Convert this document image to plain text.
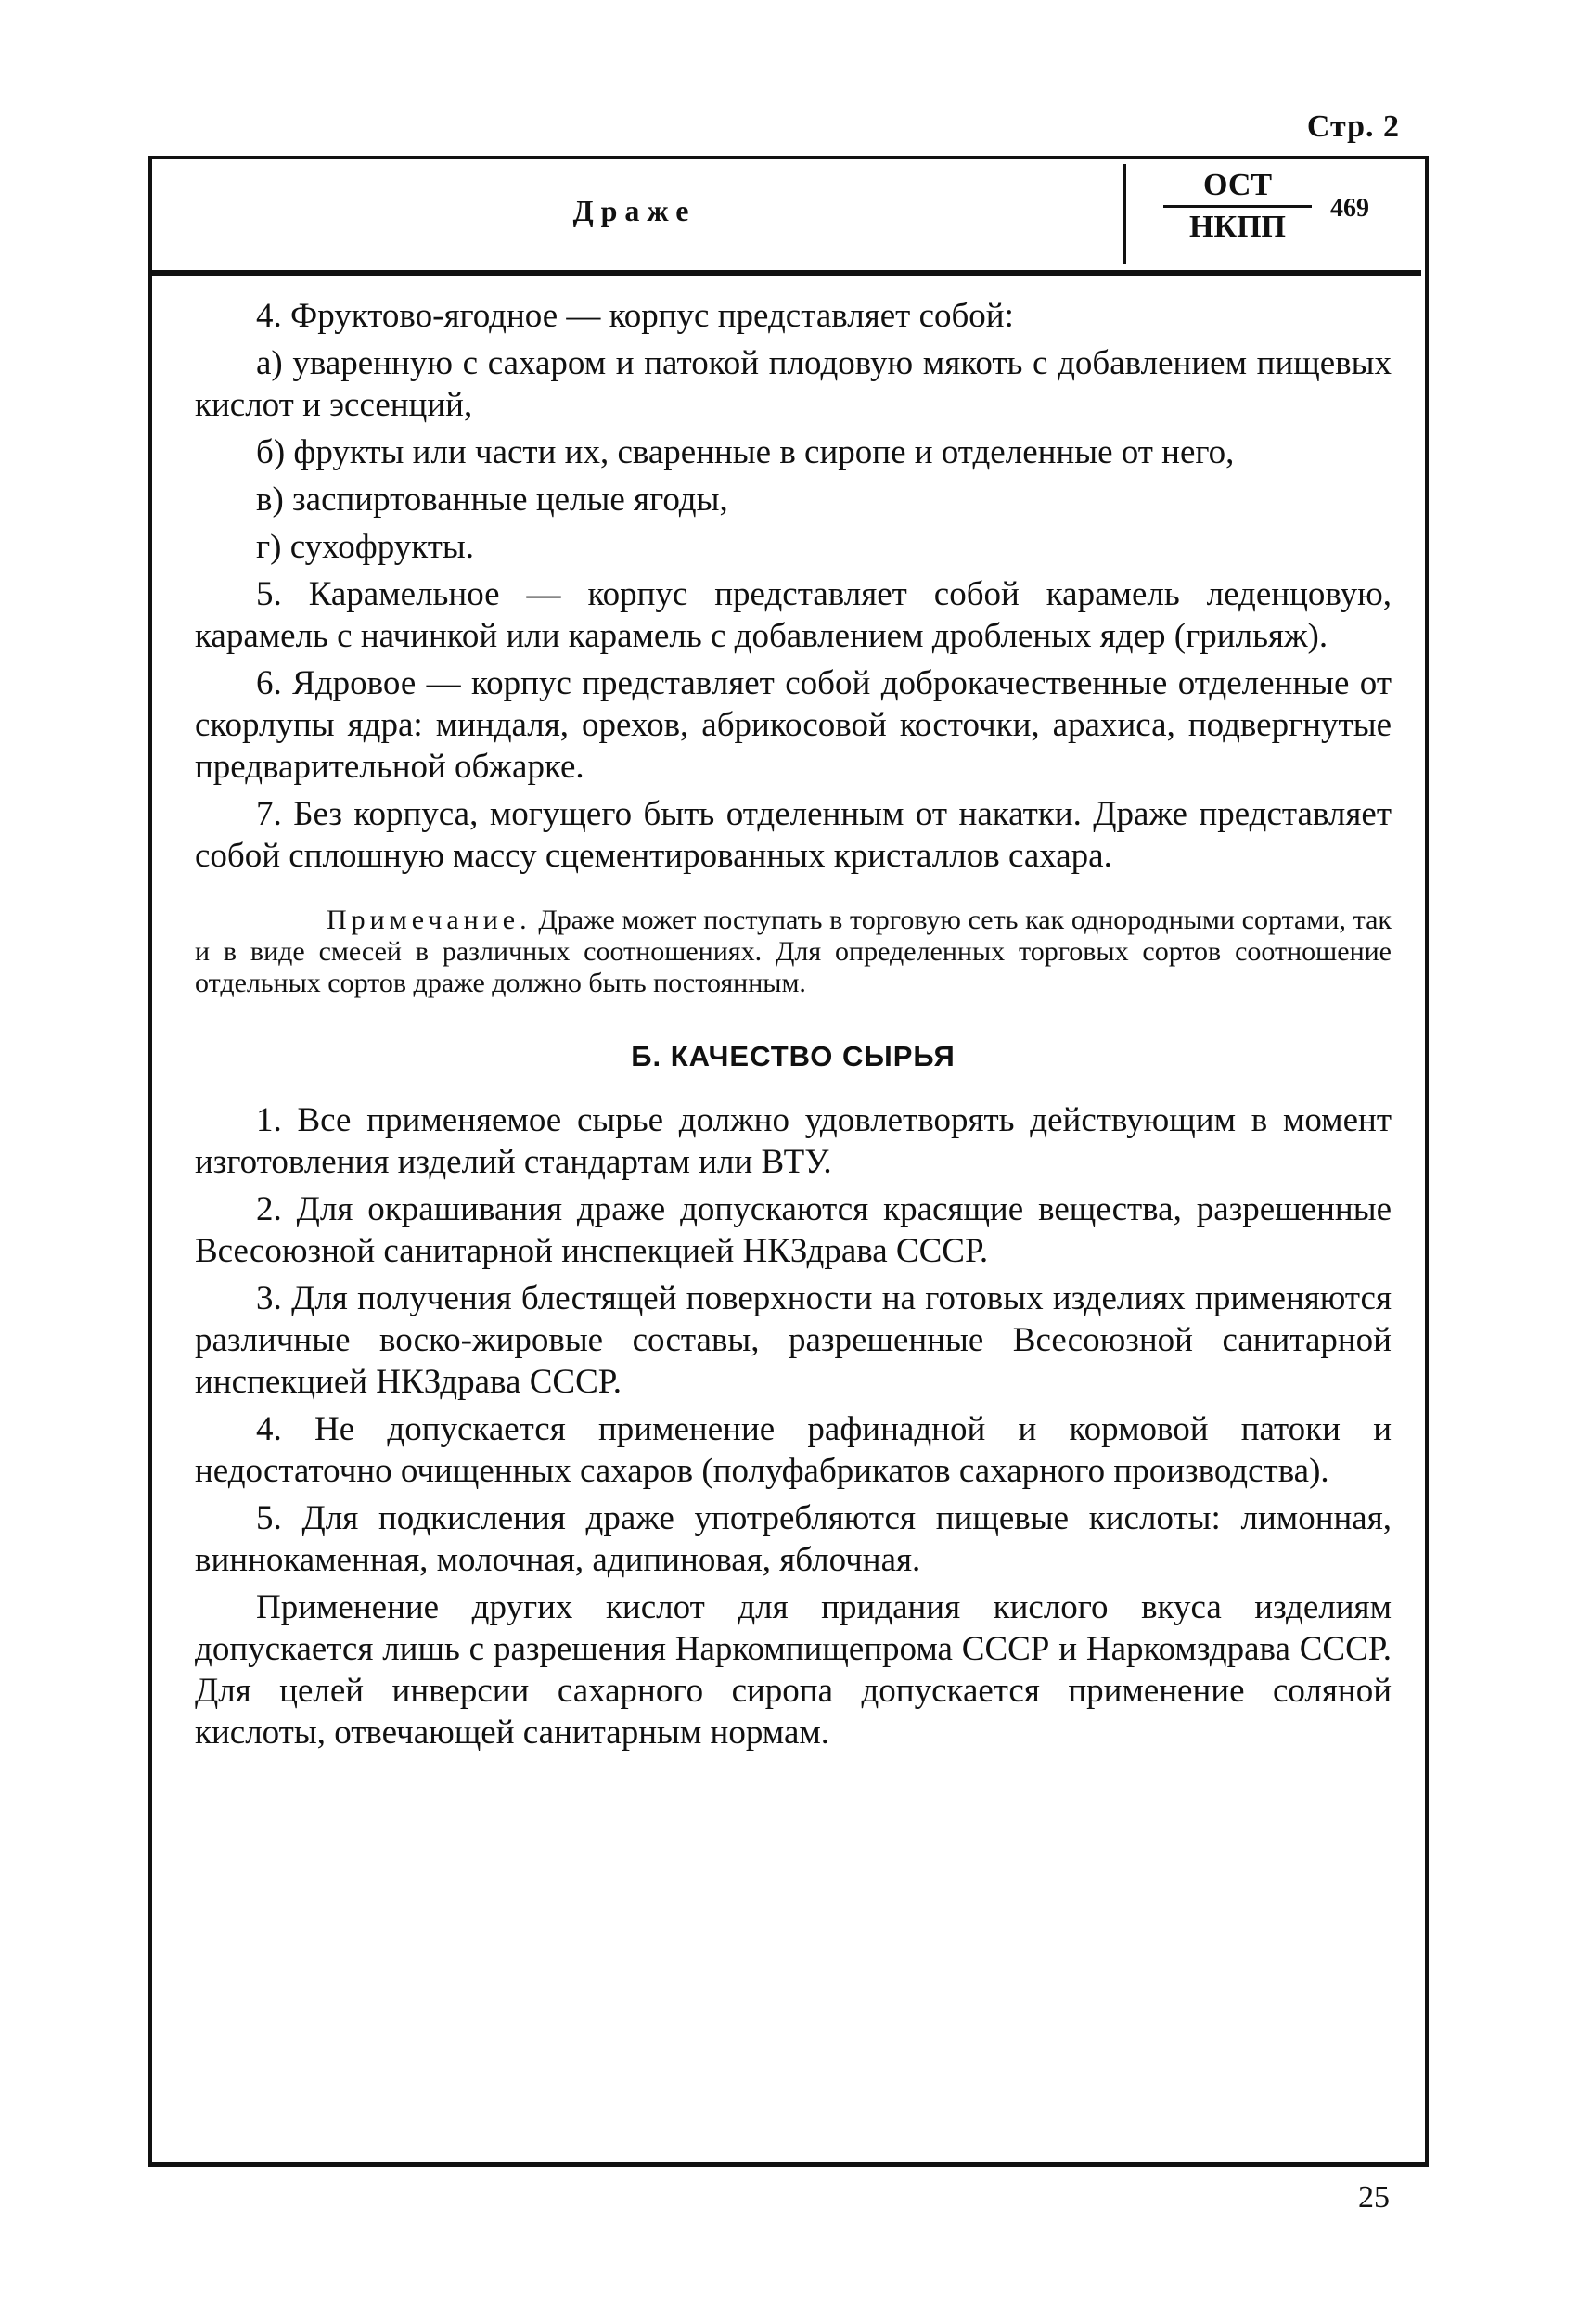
Стр. 2
Драже
ОСТ
НКПП
469

4. Фруктово-ягодное — корпус представляет собой:

а) уваренную с сахаром и патокой плодовую мякоть с добавлением пищевых кислот и эссенций,

б) фрукты или части их, сваренные в сиропе и отделенные от него,

в) заспиртованные целые ягоды,

г) сухофрукты.

5. Карамельное — корпус представляет собой карамель леденцовую, карамель с начинкой или карамель с добавлением дробленых ядер (грильяж).

6. Ядровое — корпус представляет собой доброкачественные отделенные от скорлупы ядра: миндаля, орехов, абрикосовой косточки, арахиса, подвергнутые предварительной обжарке.

7. Без корпуса, могущего быть отделенным от накатки. Драже представляет собой сплошную массу сцементированных кристаллов сахара.

Примечание. Драже может поступать в торговую сеть как однородными сортами, так и в виде смесей в различных соотношениях. Для определенных торговых сортов соотношение отдельных сортов драже должно быть постоянным.

Б. КАЧЕСТВО СЫРЬЯ

1. Все применяемое сырье должно удовлетворять действующим в момент изготовления изделий стандартам или ВТУ.

2. Для окрашивания драже допускаются красящие вещества, разрешенные Всесоюзной санитарной инспекцией НКЗдрава СССР.

3. Для получения блестящей поверхности на готовых изделиях применяются различные воско-жировые составы, разрешенные Всесоюзной санитарной инспекцией НКЗдрава СССР.

4. Не допускается применение рафинадной и кормовой патоки и недостаточно очищенных сахаров (полуфабрикатов сахарного производства).

5. Для подкисления драже употребляются пищевые кислоты: лимонная, виннокаменная, молочная, адипиновая, яблочная.

Применение других кислот для придания кислого вкуса изделиям допускается лишь с разрешения Наркомпищепрома СССР и Наркомздрава СССР. Для целей инверсии сахарного сиропа допускается применение соляной кислоты, отвечающей санитарным нормам.

25
